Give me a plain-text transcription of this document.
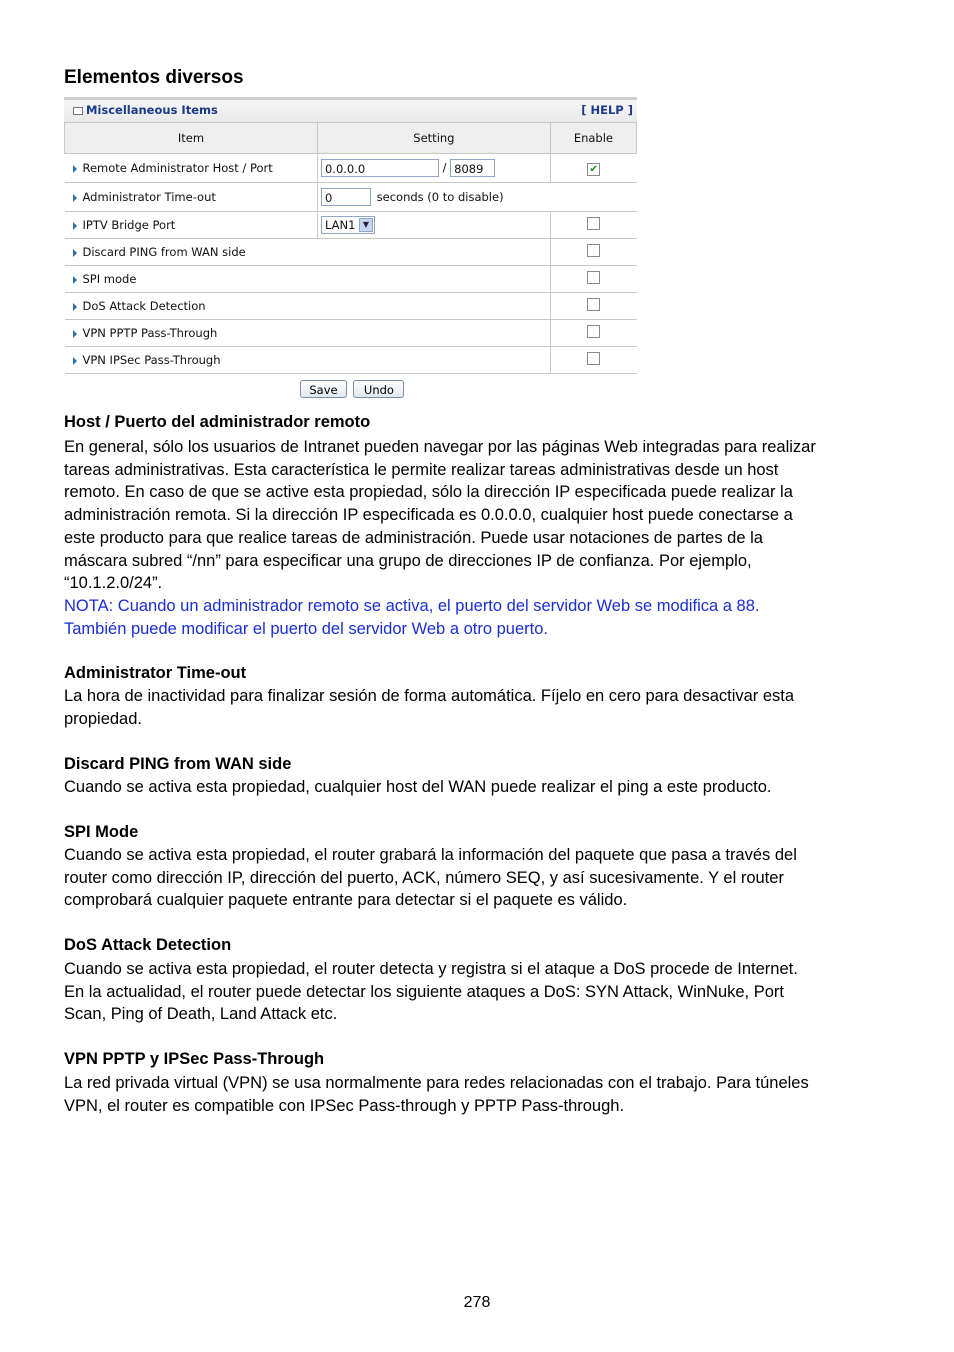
Elementos diversos
Miscellaneous Items	[ HELP ]
Item	Setting	Enable
Remote Administrator Host / Port	0.0.0.0 / 8089	✔
Administrator Time-out	0 seconds (0 to disable)	
IPTV Bridge Port	LAN1 ▼	

Discard PING from WAN side		
SPI mode		
DoS Attack Detection		
VPN PPTP Pass-Through		
VPN IPSec Pass-Through		
Save Undo
Host / Puerto del administrador remoto
En general, sólo los usuarios de Intranet pueden navegar por las páginas Web integradas para realizar
tareas administrativas. Esta característica le permite realizar tareas administrativas desde un host
remoto. En caso de que se active esta propiedad, sólo la dirección IP especificada puede realizar la
administración remota. Si la dirección IP especificada es 0.0.0.0, cualquier host puede conectarse a
este producto para que realice tareas de administración. Puede usar notaciones de partes de la
máscara subred “/nn” para especificar una grupo de direcciones IP de confianza. Por ejemplo,
“10.1.2.0/24”.
NOTA: Cuando un administrador remoto se activa, el puerto del servidor Web se modifica a 88.
También puede modificar el puerto del servidor Web a otro puerto.
Administrator Time-out
La hora de inactividad para finalizar sesión de forma automática. Fíjelo en cero para desactivar esta
propiedad.
Discard PING from WAN side
Cuando se activa esta propiedad, cualquier host del WAN puede realizar el ping a este producto.
SPI Mode
Cuando se activa esta propiedad, el router grabará la información del paquete que pasa a través del
router como dirección IP, dirección del puerto, ACK, número SEQ, y así sucesivamente. Y el router
comprobará cualquier paquete entrante para detectar si el paquete es válido.
DoS Attack Detection
Cuando se activa esta propiedad, el router detecta y registra si el ataque a DoS procede de Internet.
En la actualidad, el router puede detectar los siguiente ataques a DoS: SYN Attack, WinNuke, Port
Scan, Ping of Death, Land Attack etc.
VPN PPTP y IPSec Pass-Through
La red privada virtual (VPN) se usa normalmente para redes relacionadas con el trabajo. Para túneles
VPN, el router es compatible con IPSec Pass-through y PPTP Pass-through.
278
